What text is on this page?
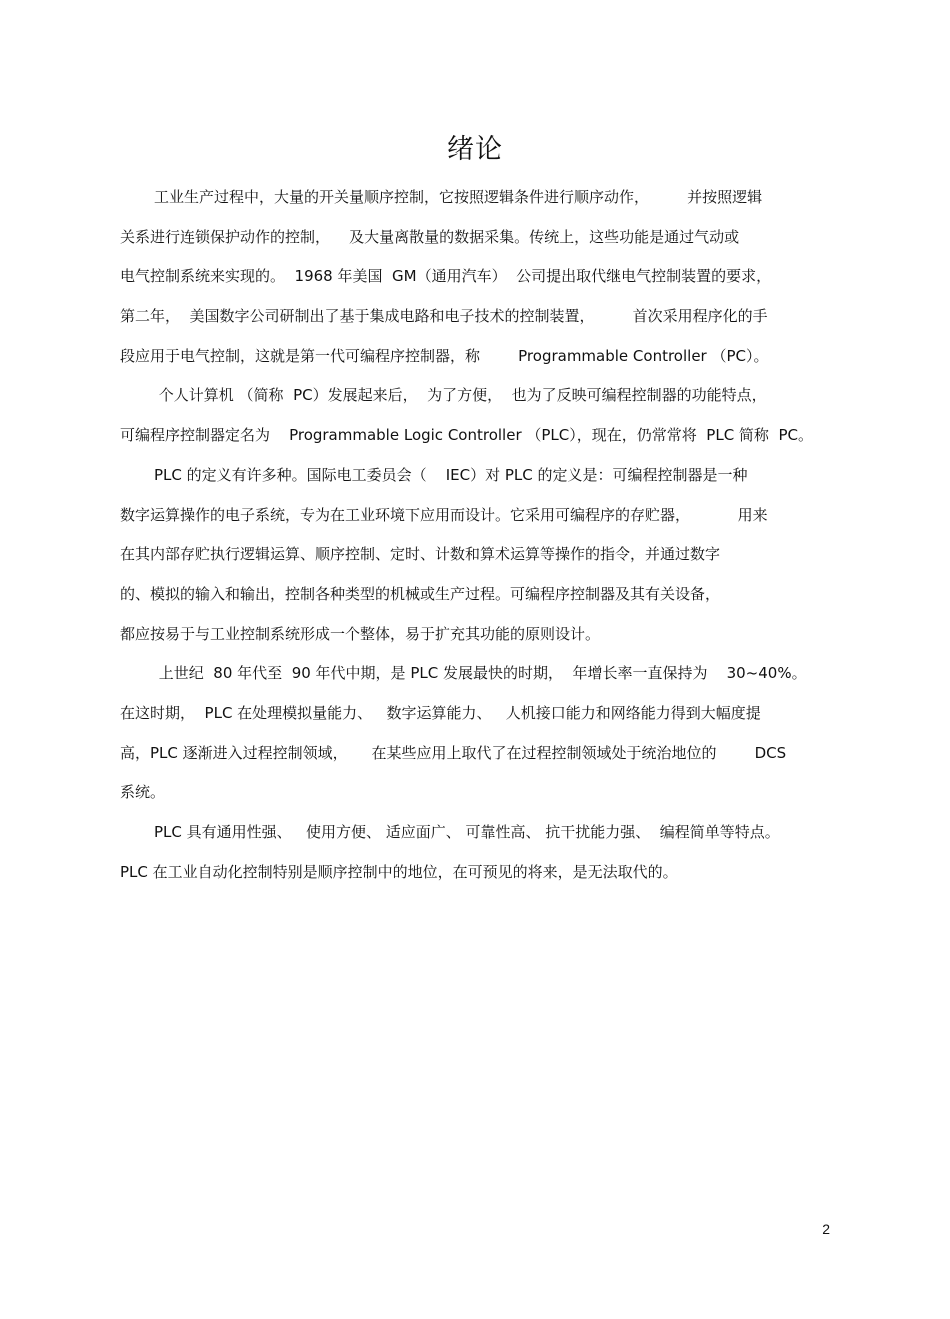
绪论
工业生产过程中，大量的开关量顺序控制，它按照逻辑条件进行顺序动作，        并按照逻辑
关系进行连锁保护动作的控制，    及大量离散量的数据采集。传统上，这些功能是通过气动或
电气控制系统来实现的。  1968 年美国  GM（通用汽车）  公司提出取代继电气控制装置的要求，
第二年，  美国数字公司研制出了基于集成电路和电子技术的控制装置，        首次采用程序化的手
段应用于电气控制，这就是第一代可编程序控制器，称        Programmable Controller （PC）。
个人计算机 （简称  PC）发展起来后，  为了方便，  也为了反映可编程控制器的功能特点，
可编程序控制器定名为    Programmable Logic Controller （PLC），现在，仍常常将  PLC 简称  PC。
PLC 的定义有许多种。国际电工委员会（    IEC）对 PLC 的定义是：可编程控制器是一种
数字运算操作的电子系统，专为在工业环境下应用而设计。它采用可编程序的存贮器，          用来
在其内部存贮执行逻辑运算、顺序控制、定时、计数和算术运算等操作的指令，并通过数字
的、模拟的输入和输出，控制各种类型的机械或生产过程。可编程序控制器及其有关设备，
都应按易于与工业控制系统形成一个整体，易于扩充其功能的原则设计。
上世纪  80 年代至  90 年代中期，是 PLC 发展最快的时期，  年增长率一直保持为    30~40%。
在这时期，  PLC 在处理模拟量能力、   数字运算能力、   人机接口能力和网络能力得到大幅度提
高，PLC 逐渐进入过程控制领域，     在某些应用上取代了在过程控制领域处于统治地位的        DCS
系统。
PLC 具有通用性强、   使用方便、 适应面广、 可靠性高、 抗干扰能力强、  编程简单等特点。
PLC 在工业自动化控制特别是顺序控制中的地位，在可预见的将来，是无法取代的。
2
